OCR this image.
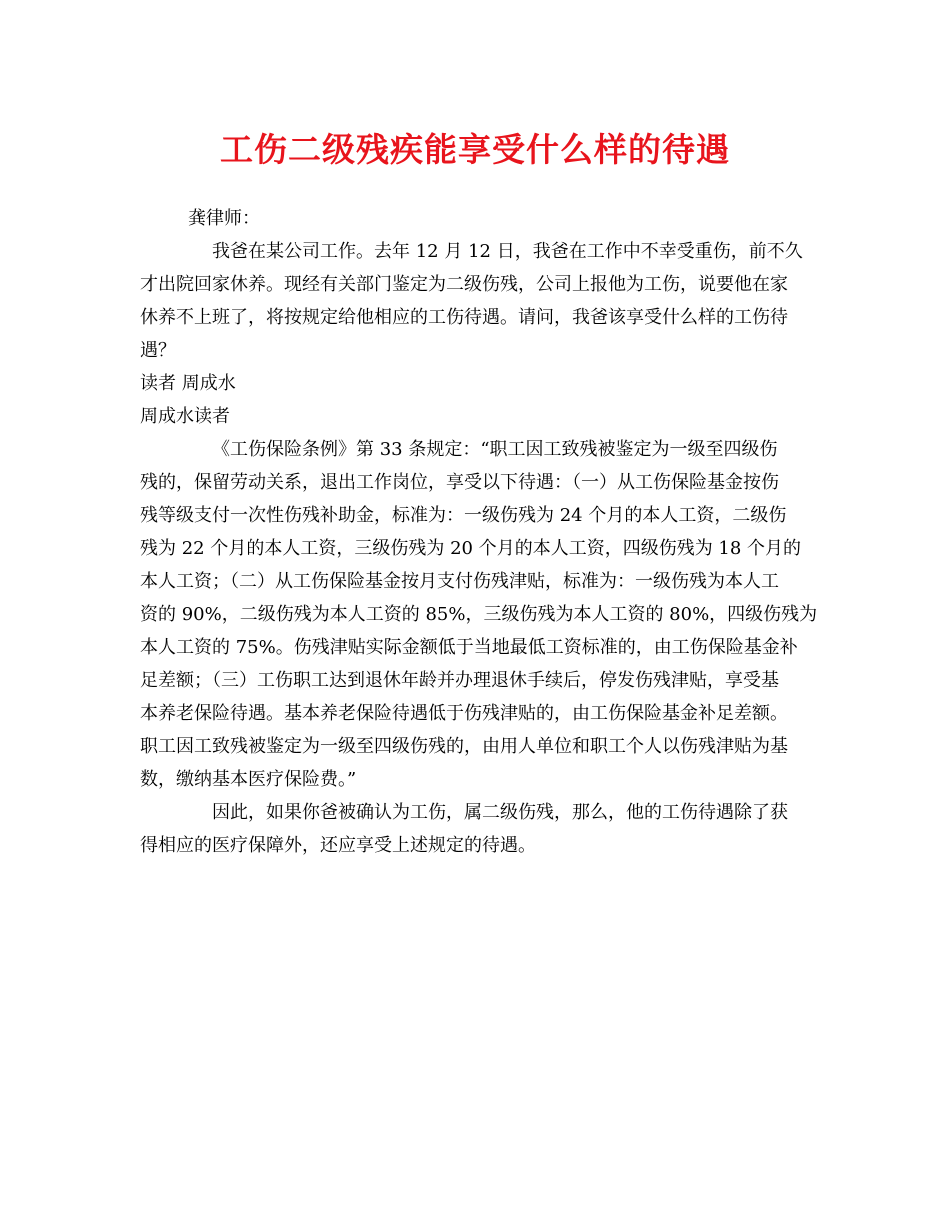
工伤二级残疾能享受什么样的待遇
龚律师：
我爸在某公司工作。去年 12 月 12 日，我爸在工作中不幸受重伤，前不久
才出院回家休养。现经有关部门鉴定为二级伤残，公司上报他为工伤，说要他在家
休养不上班了，将按规定给他相应的工伤待遇。请问，我爸该享受什么样的工伤待
遇？
读者 周成水
周成水读者
《工伤保险条例》第 33 条规定：“职工因工致残被鉴定为一级至四级伤
残的，保留劳动关系，退出工作岗位，享受以下待遇：（一）从工伤保险基金按伤
残等级支付一次性伤残补助金，标准为：一级伤残为 24 个月的本人工资，二级伤
残为 22 个月的本人工资，三级伤残为 20 个月的本人工资，四级伤残为 18 个月的
本人工资；（二）从工伤保险基金按月支付伤残津贴，标准为：一级伤残为本人工
资的 90%，二级伤残为本人工资的 85%，三级伤残为本人工资的 80%，四级伤残为
本人工资的 75%。伤残津贴实际金额低于当地最低工资标准的，由工伤保险基金补
足差额；（三）工伤职工达到退休年龄并办理退休手续后，停发伤残津贴，享受基
本养老保险待遇。基本养老保险待遇低于伤残津贴的，由工伤保险基金补足差额。
职工因工致残被鉴定为一级至四级伤残的，由用人单位和职工个人以伤残津贴为基
数，缴纳基本医疗保险费。”
因此，如果你爸被确认为工伤，属二级伤残，那么，他的工伤待遇除了获
得相应的医疗保障外，还应享受上述规定的待遇。
